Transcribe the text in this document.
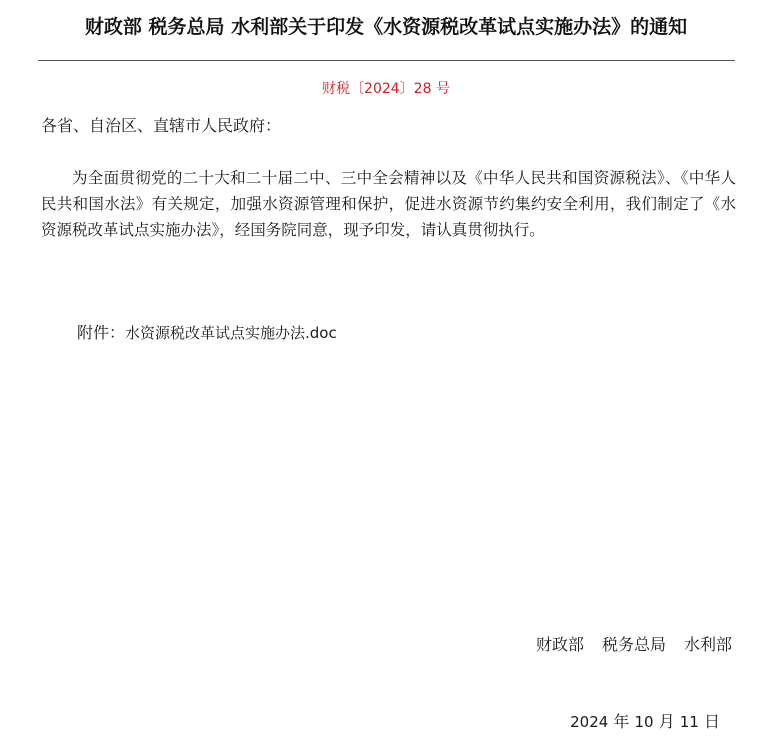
财政部 税务总局 水利部关于印发《水资源税改革试点实施办法》的通知
财税〔2024〕28 号
各省、自治区、直辖市人民政府：
为全面贯彻党的二十大和二十届二中、三中全会精神以及《中华人民共和国资源税法》、《中华人民共和国水法》有关规定，加强水资源管理和保护，促进水资源节约集约安全利用，我们制定了《水资源税改革试点实施办法》，经国务院同意，现予印发，请认真贯彻执行。
附件：水资源税改革试点实施办法.doc
财政部 税务总局 水利部
2024 年 10 月 11 日
